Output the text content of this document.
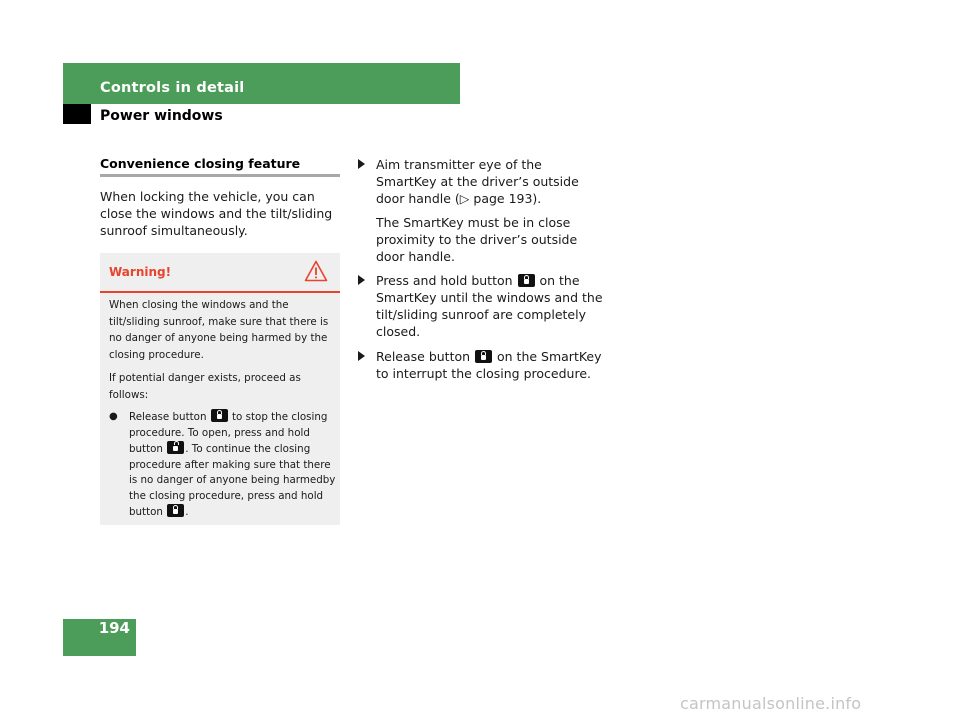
Controls in detail
Power windows
Convenience closing feature

When locking the vehicle, you can close the windows and the tilt/sliding sunroof simultaneously.

Warning!

When closing the windows and the tilt/sliding sunroof, make sure that there is no danger of anyone being harmed by the closing procedure.

If potential danger exists, proceed as follows:

●	Release button  to stop the closing procedure. To open, press and hold button . To continue the closing procedure after making sure that there is no danger of anyone being harmedby the closing procedure, press and hold button .
Aim transmitter eye of the SmartKey at the driver’s outside door handle (▷ page 193).
The SmartKey must be in close proximity to the driver’s outside door handle.
Press and hold button  on the SmartKey until the windows and the tilt/sliding sunroof are completely closed.
Release button  on the SmartKey to interrupt the closing procedure.
194
carmanualsonline.info
